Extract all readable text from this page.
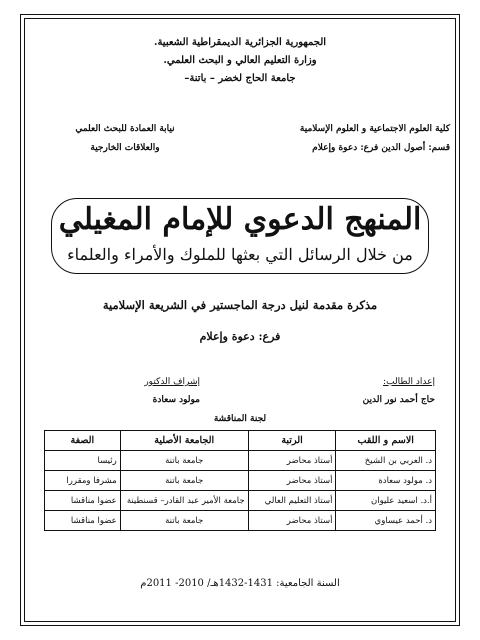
الجمهورية الجزائرية الديمقراطية الشعبية.
وزارة التعليم العالي و البحث العلمي.
جامعة الحاج لخضر – باتنة–
كلية العلوم الاجتماعية و العلوم الإسلامية
قسم: أصول الدين فرع: دعوة وإعلام
نيابة العمادة للبحث العلمي
والعلاقات الخارجية
المنهج الدعوي للإمام المغيلي
من خلال الرسائل التي بعثها للملوك والأمراء والعلماء
مذكرة مقدمة لنيل درجة الماجستير في الشريعة الإسلامية
فرع: دعوة وإعلام
إعداد الطالب:
حاج أحمد نور الدين
إشراف الدكتور
مولود سعادة
لجنة المناقشة
الاسم و اللقب	الرتبة	الجامعة الأصلية	الصفة
د. العربي بن الشيخ	أستاذ محاضر	جامعة باتنة	رئيسا
د. مولود سعادة	أستاذ محاضر	جامعة باتنة	مشرفا ومقررا
أ.د. اسعيد عليوان	أستاذ التعليم العالي	جامعة الأمير عبد القادر– قسنطينة	عضوا مناقشا
د. أحمد عيساوي	أستاذ محاضر	جامعة باتنة	عضوا مناقشا
السنة الجامعية: 1431-1432هـ/ 2010- 2011م
